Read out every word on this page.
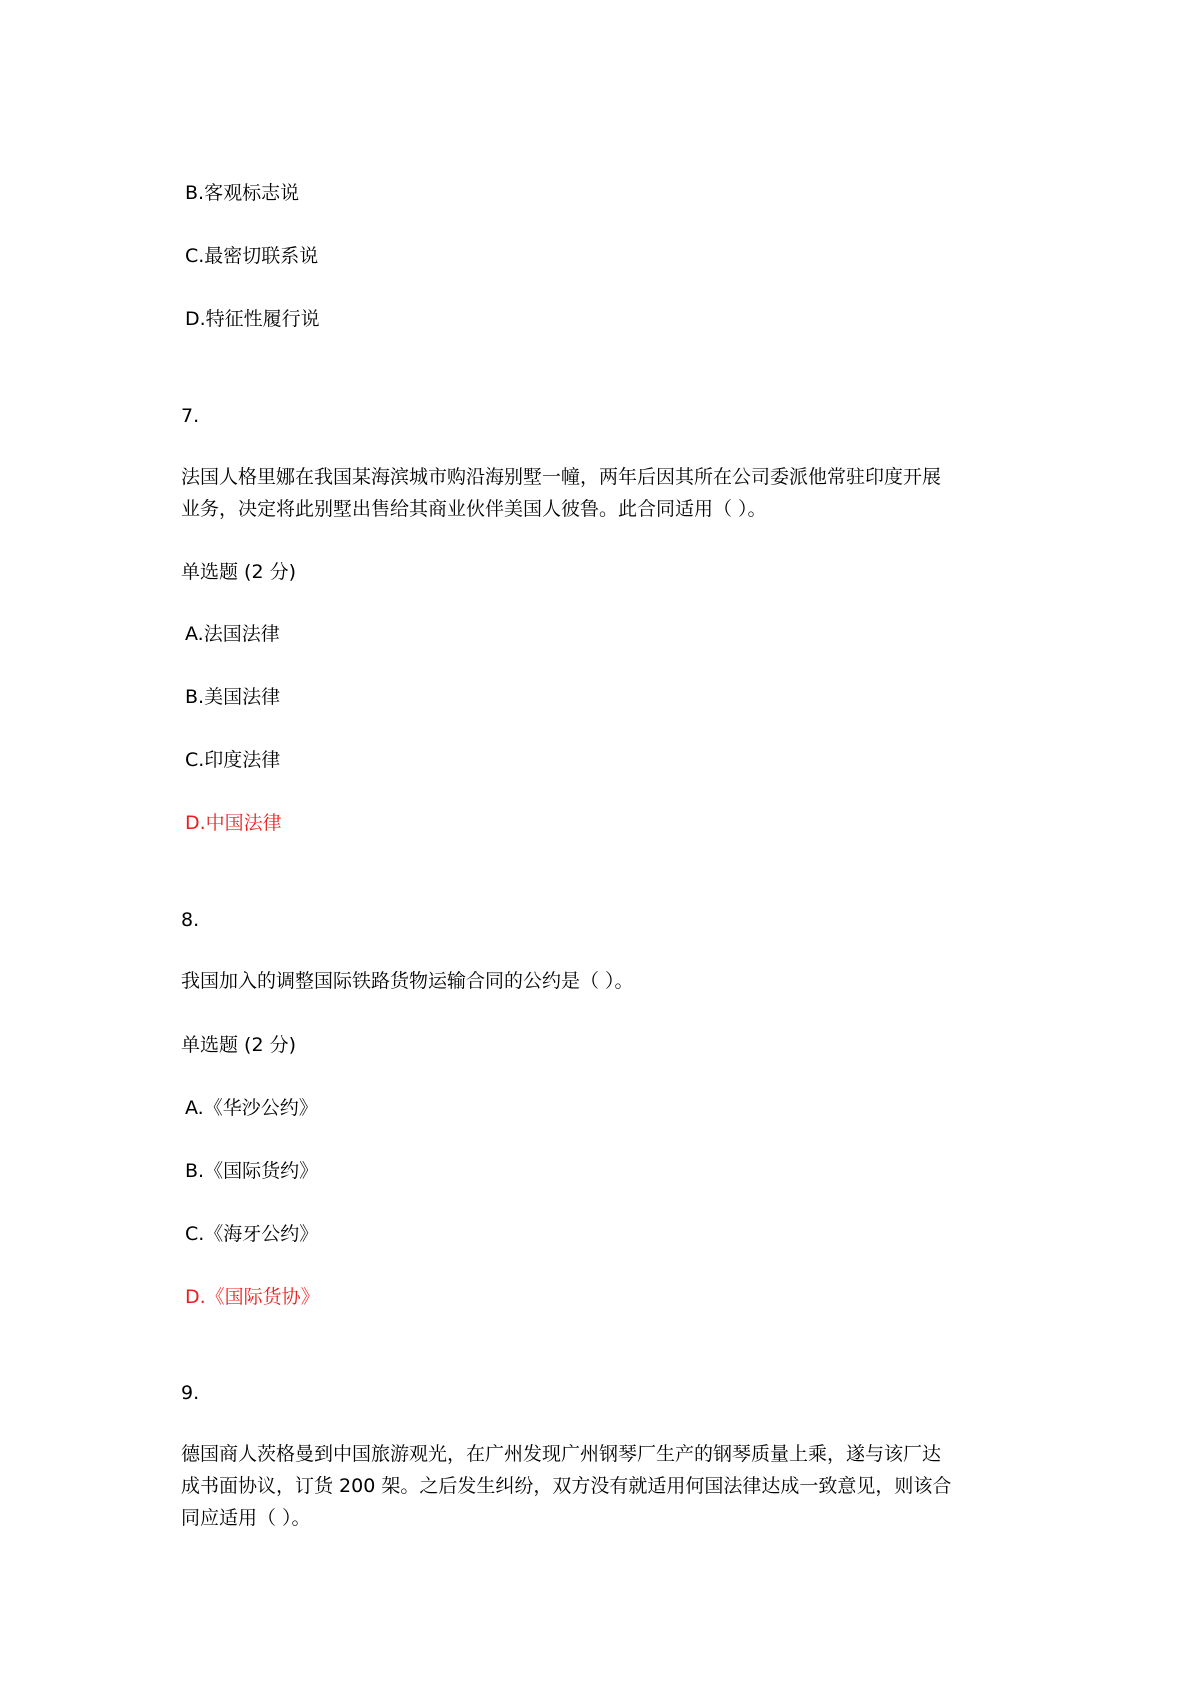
B.客观标志说
C.最密切联系说
D.特征性履行说
7.
法国人格里娜在我国某海滨城市购沿海别墅一幢，两年后因其所在公司委派他常驻印度开展
业务，决定将此别墅出售给其商业伙伴美国人彼鲁。此合同适用（ ）。
单选题 (2 分)
A.法国法律
B.美国法律
C.印度法律
D.中国法律
8.
我国加入的调整国际铁路货物运输合同的公约是（ ）。
单选题 (2 分)
A.《华沙公约》
B.《国际货约》
C.《海牙公约》
D.《国际货协》
9.
德国商人茨格曼到中国旅游观光，在广州发现广州钢琴厂生产的钢琴质量上乘，遂与该厂达
成书面协议，订货 200 架。之后发生纠纷，双方没有就适用何国法律达成一致意见，则该合
同应适用（ ）。
